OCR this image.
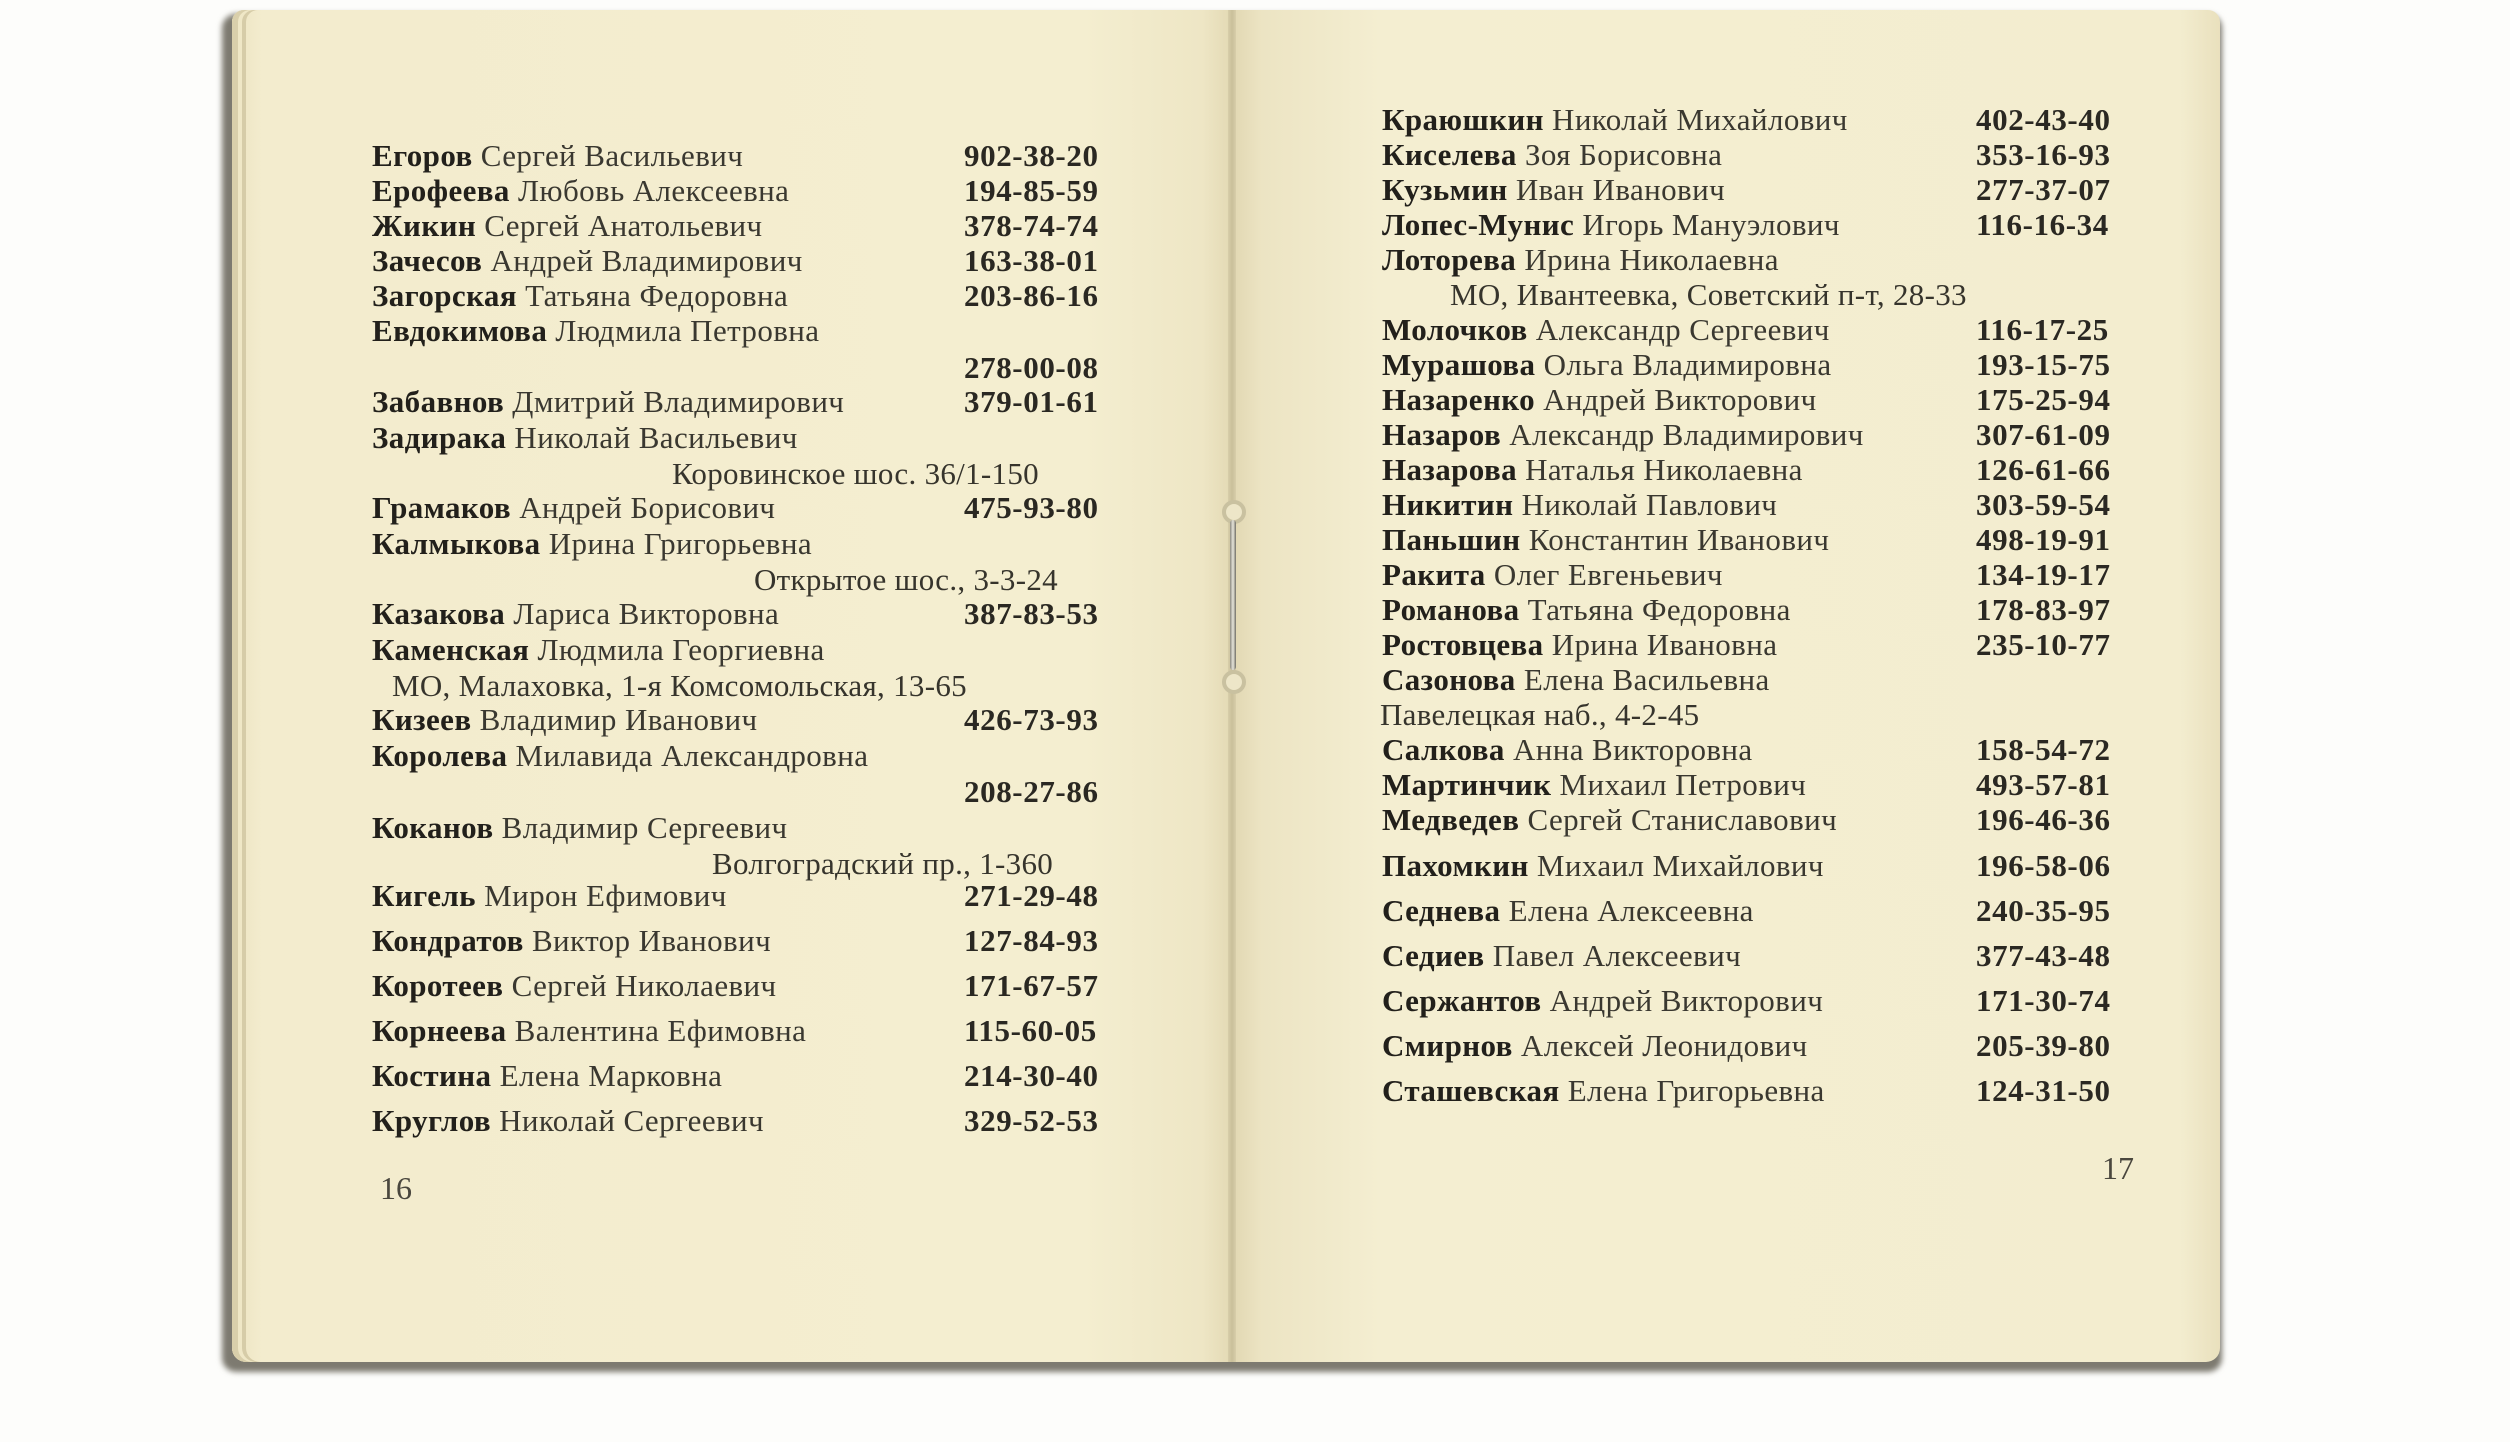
Егоров Сергей Васильевич	902-38-20
Ерофеева Любовь Алексеевна	194-85-59
Жикин Сергей Анатольевич	378-74-74
Зачесов Андрей Владимирович	163-38-01
Загорская Татьяна Федоровна	203-86-16
Евдокимова Людмила Петровна
278-00-08
Забавнов Дмитрий Владимирович	379-01-61
Задирака Николай Васильевич
Коровинское шос. 36/1-150
Грамаков Андрей Борисович	475-93-80
Калмыкова Ирина Григорьевна
Открытое шос., 3-3-24
Казакова Лариса Викторовна	387-83-53
Каменская Людмила Георгиевна
МО, Малаховка, 1-я Комсомольская, 13-65
Кизеев Владимир Иванович	426-73-93
Королева Милавида Александровна
208-27-86
Коканов Владимир Сергеевич
Волгоградский пр., 1-360
Кигель Мирон Ефимович	271-29-48
Кондратов Виктор Иванович	127-84-93
Коротеев Сергей Николаевич	171-67-57
Корнеева Валентина Ефимовна	115-60-05
Костина Елена Марковна	214-30-40
Круглов Николай Сергеевич	329-52-53
16
Краюшкин Николай Михайлович	402-43-40
Киселева Зоя Борисовна	353-16-93
Кузьмин Иван Иванович	277-37-07
Лопес-Мунис Игорь Мануэлович	116-16-34
Лоторева Ирина Николаевна
МО, Ивантеевка, Советский п-т, 28-33
Молочков Александр Сергеевич	116-17-25
Мурашова Ольга Владимировна	193-15-75
Назаренко Андрей Викторович	175-25-94
Назаров Александр Владимирович	307-61-09
Назарова Наталья Николаевна	126-61-66
Никитин Николай Павлович	303-59-54
Паньшин Константин Иванович	498-19-91
Ракита Олег Евгеньевич	134-19-17
Романова Татьяна Федоровна	178-83-97
Ростовцева Ирина Ивановна	235-10-77
Сазонова Елена Васильевна
Павелецкая наб., 4-2-45
Салкова Анна Викторовна	158-54-72
Мартинчик Михаил Петрович	493-57-81
Медведев Сергей Станиславович	196-46-36
Пахомкин Михаил Михайлович	196-58-06
Седнева Елена Алексеевна	240-35-95
Седиев Павел Алексеевич	377-43-48
Сержантов Андрей Викторович	171-30-74
Смирнов Алексей Леонидович	205-39-80
Сташевская Елена Григорьевна	124-31-50
17
